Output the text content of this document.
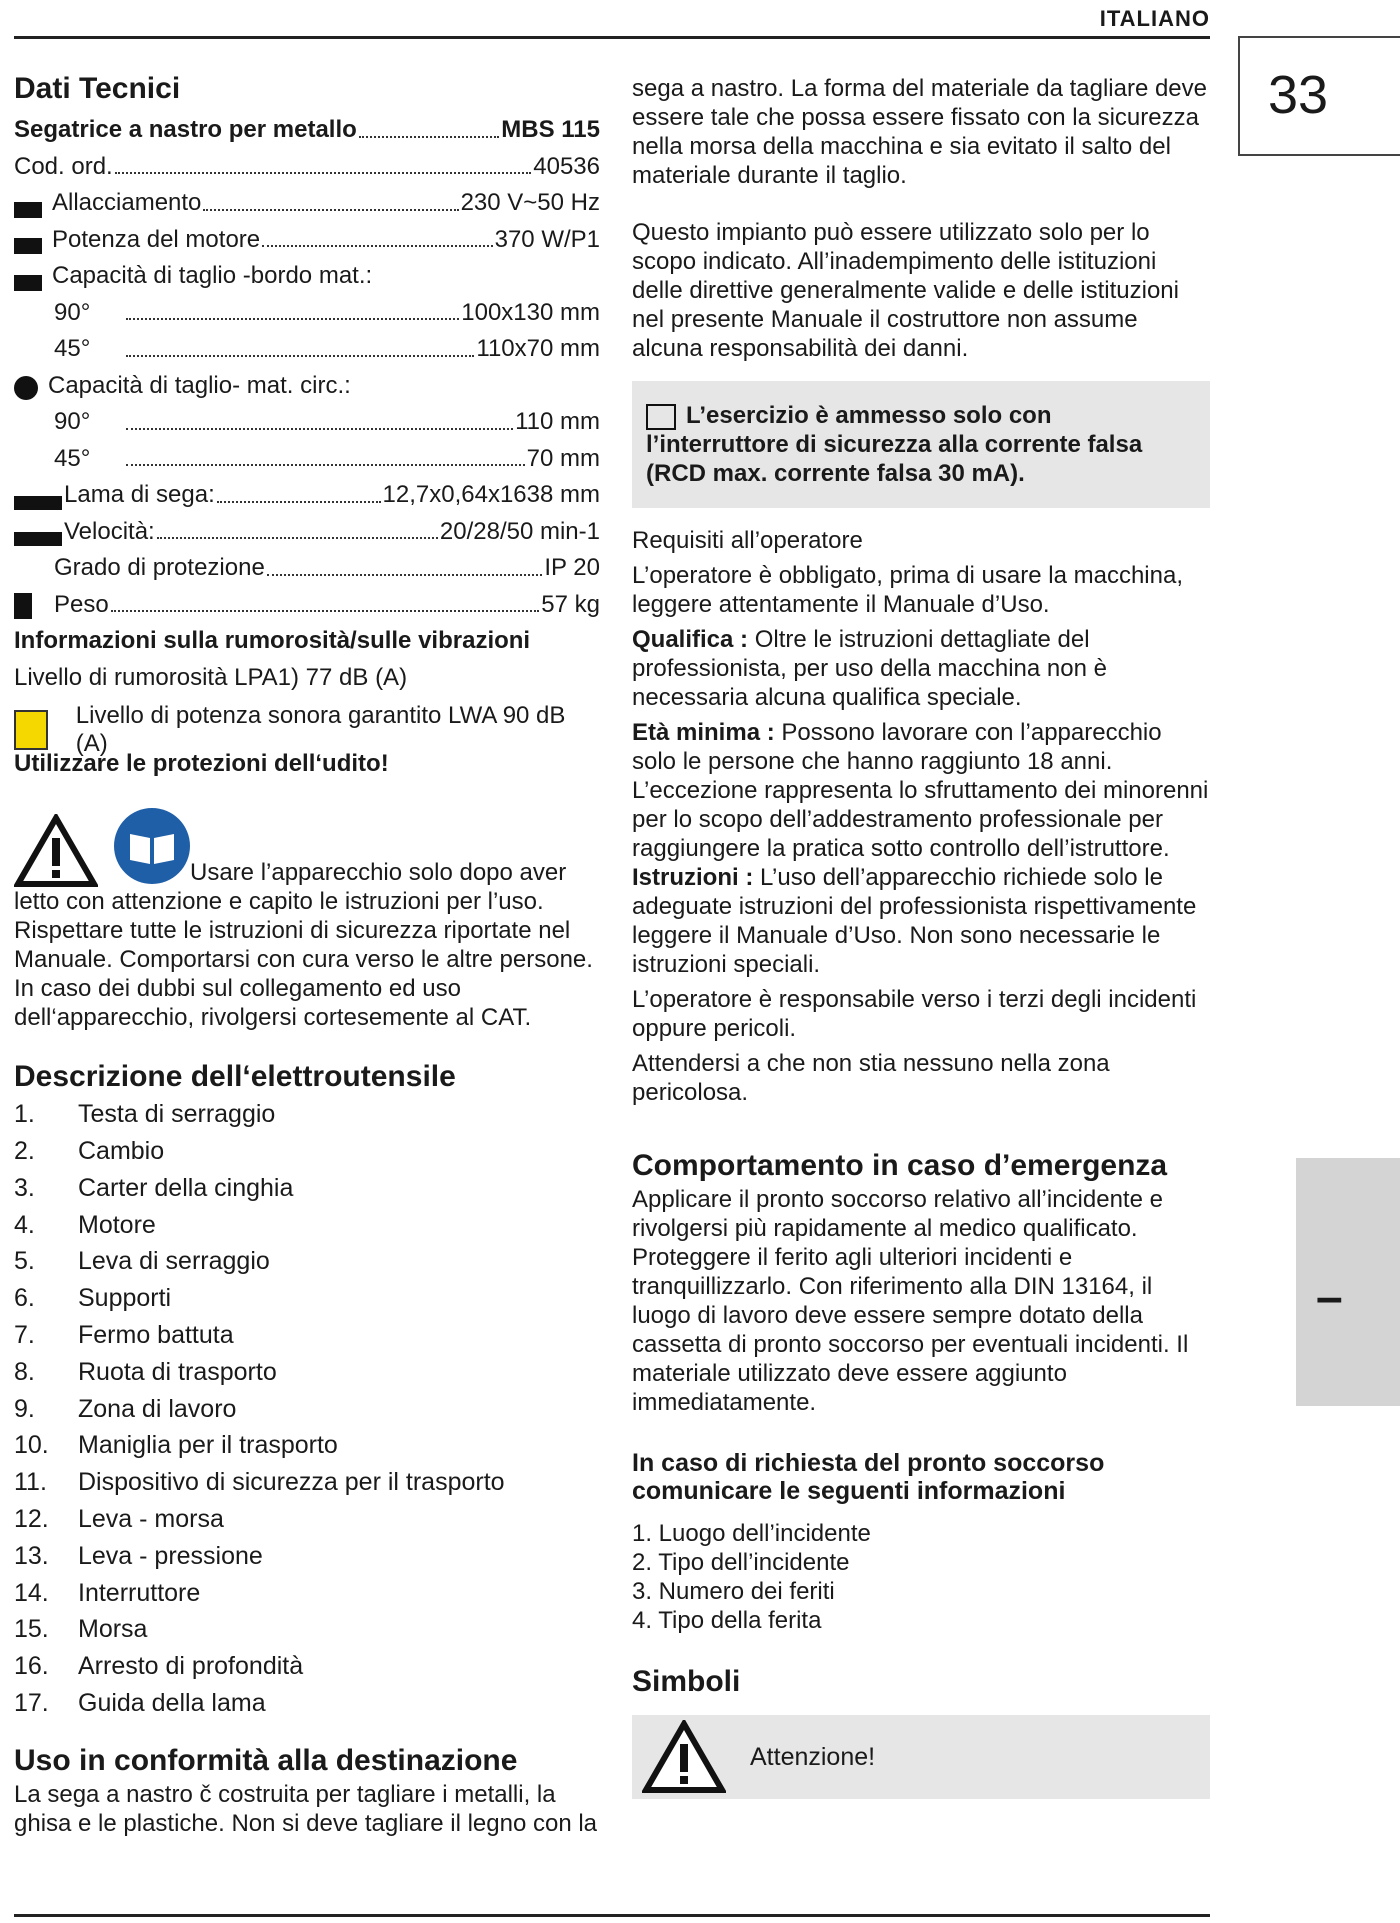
ITALIANO
33
–
Dati Tecnici
Segatrice a nastro per metallo	MBS 115
Cod. ord.	40536
Allacciamento	230 V~50 Hz
Potenza del motore	370 W/P1
Capacità di taglio -bordo mat.:
90°	100x130 mm
45°	110x70 mm
Capacità di taglio- mat. circ.:
90°	110 mm
45°	70 mm
Lama di sega:	12,7x0,64x1638 mm
Velocità:	20/28/50 min-1
Grado di protezione	IP 20
Peso	57 kg
Informazioni sulla rumorosità/sulle vibrazioni
Livello di rumorosità LPA1) 77 dB (A)
Livello di potenza sonora garantito LWA 90 dB (A)
Utilizzare le protezioni dell‘udito!

Usare l’apparecchio solo dopo aver letto con attenzione e capito le istruzioni per l’uso. Rispettare tutte le istruzioni di sicurezza riportate nel Manuale. Comportarsi con cura verso le altre persone. In caso dei dubbi sul collegamento ed uso dell‘apparecchio, rivolgersi cortesemente al CAT.

Descrizione dell‘elettroutensile
1.	Testa di serraggio
2.	Cambio
3.	Carter della cinghia
4.	Motore
5.	Leva di serraggio
6.	Supporti
7.	Fermo battuta
8.	Ruota di trasporto
9.	Zona di lavoro
10.	Maniglia per il trasporto
11.	Dispositivo di sicurezza per il trasporto
12.	Leva - morsa
13.	Leva - pressione
14.	Interruttore
15.	Morsa
16.	Arresto di profondità
17.	Guida della lama
Uso in conformità alla destinazione

La sega a nastro č costruita per tagliare i metalli, la ghisa e le plastiche. Non si deve tagliare il legno con la

sega a nastro. La forma del materiale da tagliare deve essere tale che possa essere fissato con la sicurezza nella morsa della macchina e sia evitato il salto del materiale durante il taglio.

Questo impianto può essere utilizzato solo per lo scopo indicato. All’inadempimento delle istituzioni delle direttive generalmente valide e delle istituzioni nel presente Manuale il costruttore non assume alcuna responsabilità dei danni.

L’esercizio è ammesso solo con l’interruttore di sicurezza alla corrente falsa (RCD max. corrente falsa 30 mA).

Requisiti all’operatore

L’operatore è obbligato, prima di usare la macchina, leggere attentamente il Manuale d’Uso.

Qualifica : Oltre le istruzioni dettagliate del professionista, per uso della macchina non è necessaria alcuna qualifica speciale.

Età minima : Possono lavorare con l’apparecchio solo le persone che hanno raggiunto 18 anni.

L’eccezione rappresenta lo sfruttamento dei minorenni per lo scopo dell’addestramento professionale per raggiungere la pratica sotto controllo dell’istruttore.

Istruzioni : L’uso dell’apparecchio richiede solo le adeguate istruzioni del professionista rispettivamente leggere il Manuale d’Uso. Non sono necessarie le istruzioni speciali.

L’operatore è responsabile verso i terzi degli incidenti oppure pericoli.

Attendersi a che non stia nessuno nella zona pericolosa.

Comportamento in caso d’emergenza

Applicare il pronto soccorso relativo all’incidente e rivolgersi più rapidamente al medico qualificato. Proteggere il ferito agli ulteriori incidenti e tranquillizzarlo. Con riferimento alla DIN 13164, il luogo di lavoro deve essere sempre dotato della cassetta di pronto soccorso per eventuali incidenti. Il materiale utilizzato deve essere aggiunto immediatamente.

In caso di richiesta del pronto soccorso comunicare le seguenti informazioni
1. Luogo dell’incidente
2. Tipo dell’incidente
3. Numero dei feriti
4. Tipo della ferita
Simboli
Attenzione!
